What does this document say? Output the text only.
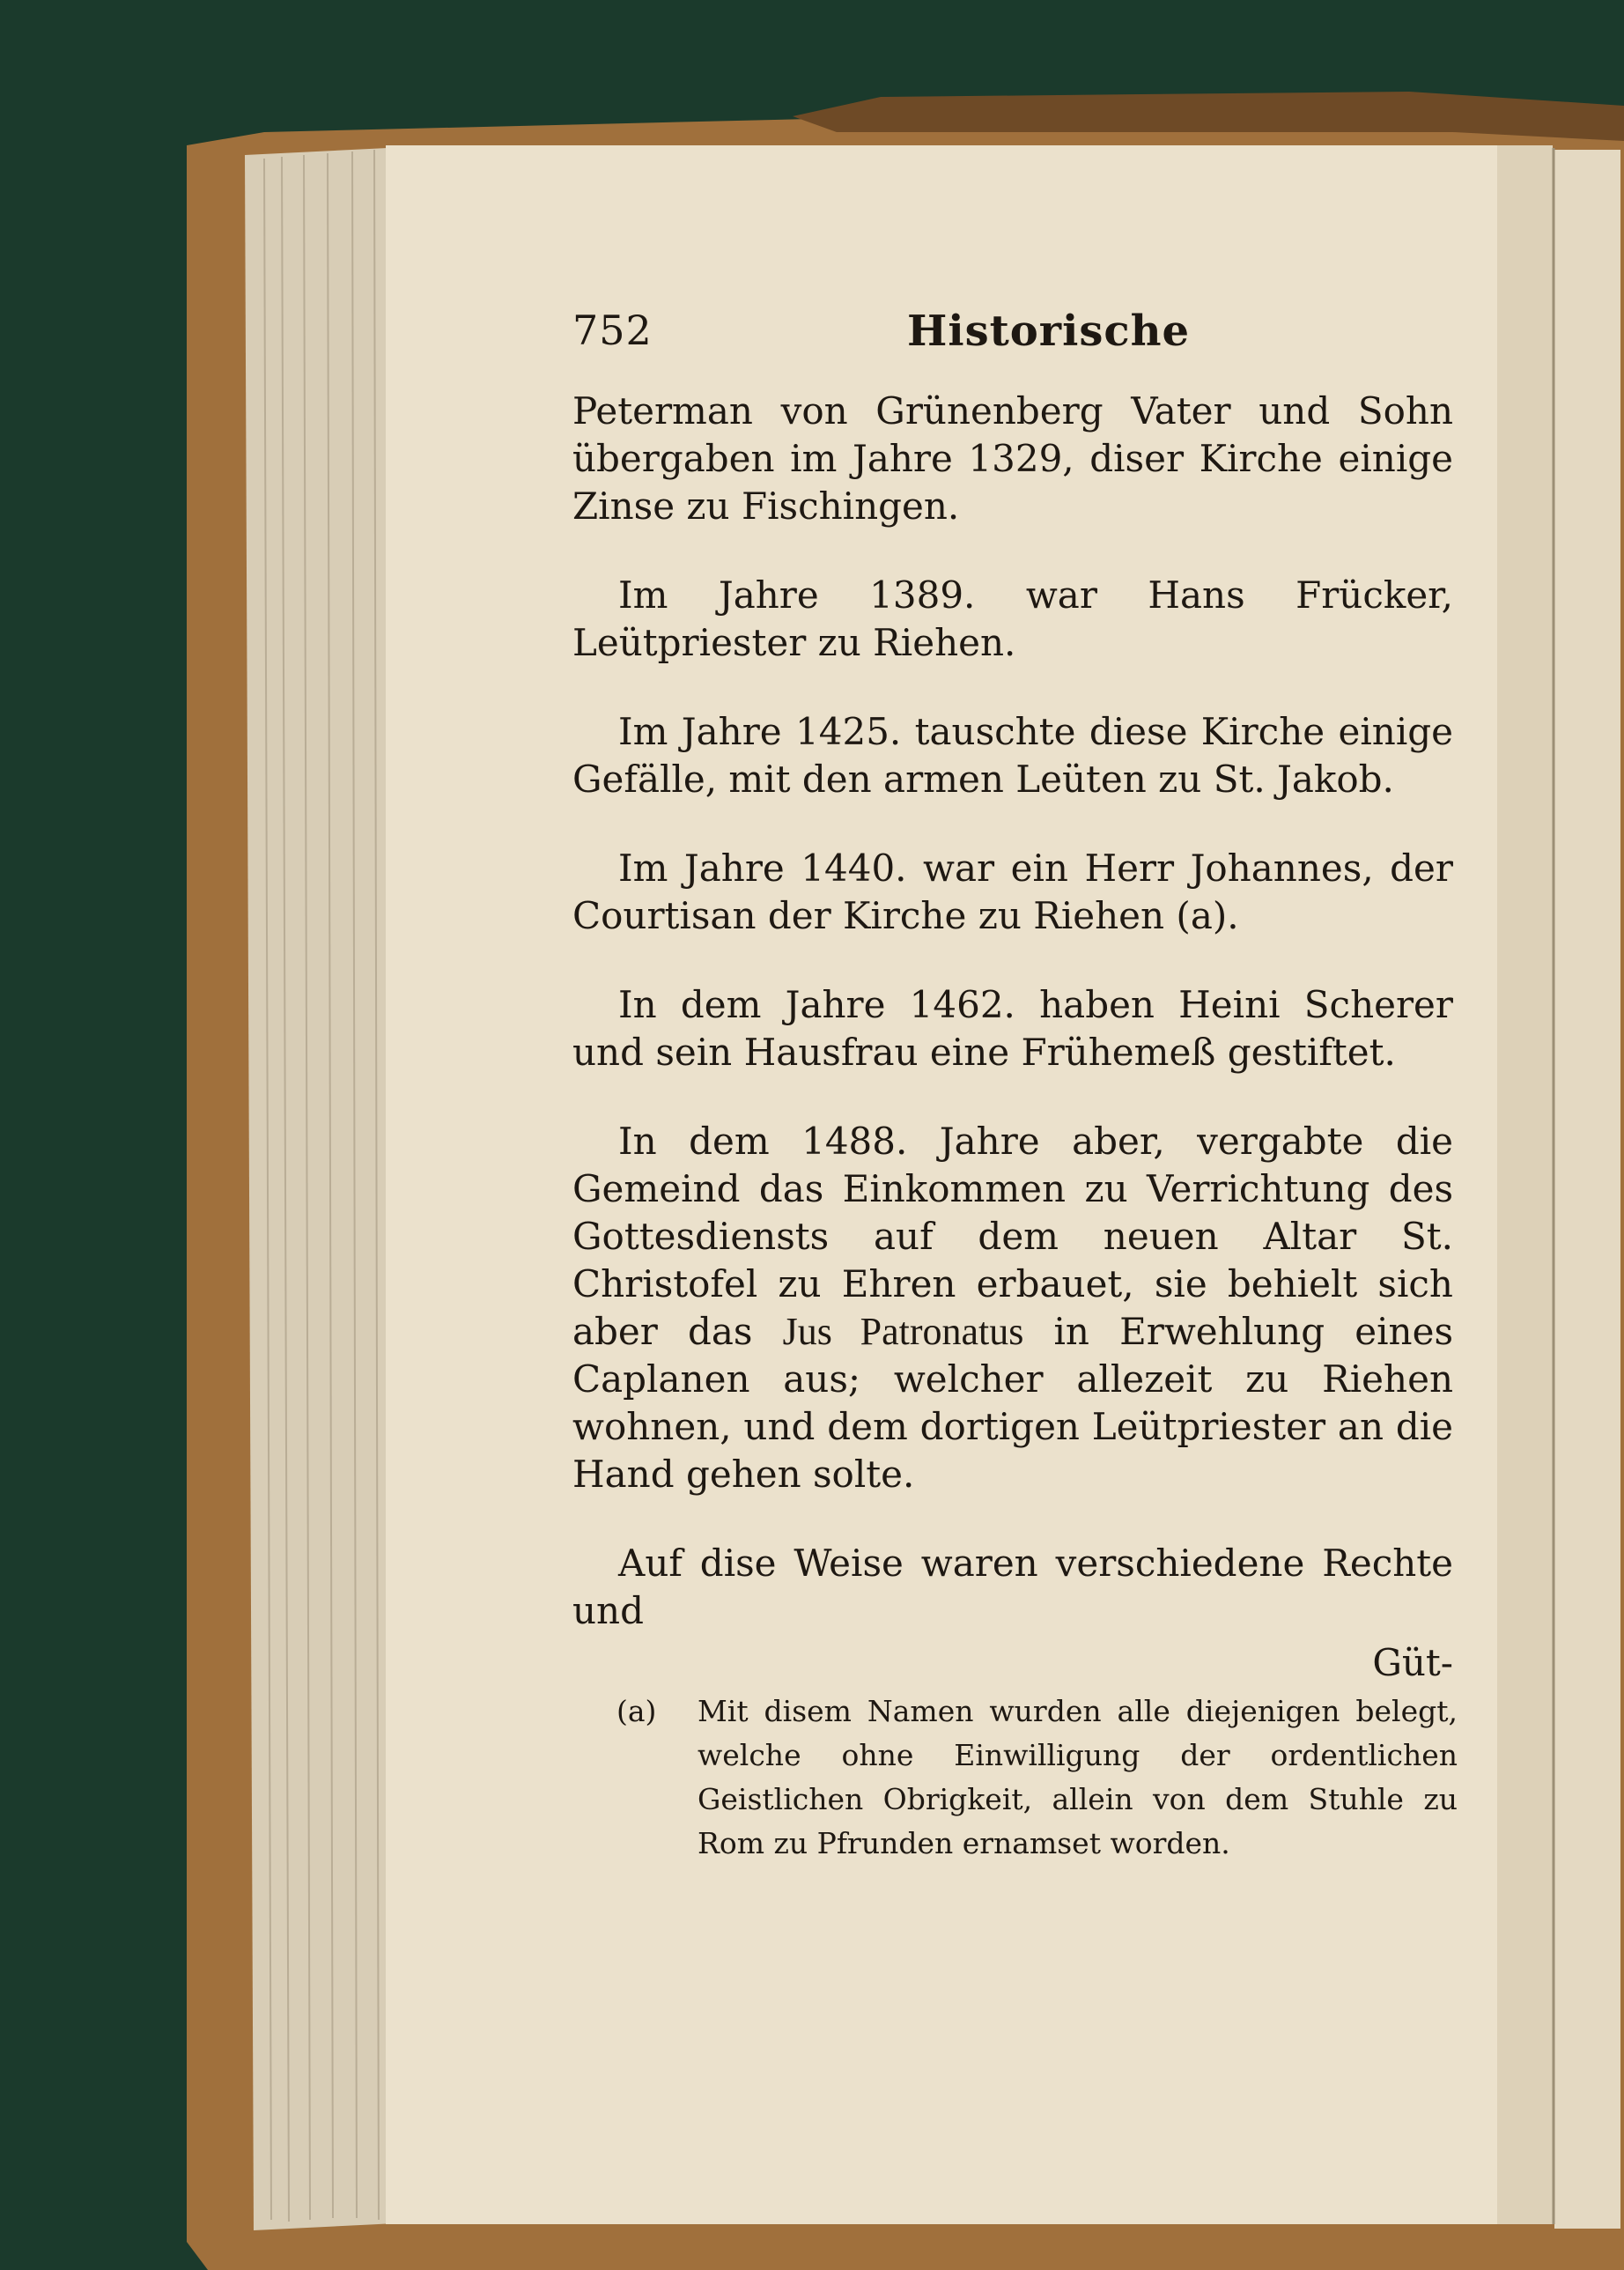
752	Historische

Peterman von Grünenberg Vater und Sohn übergaben im Jahre 1329, diser Kirche einige Zinse zu Fischingen.

Im Jahre 1389. war Hans Frücker, Leütpriester zu Riehen.

Im Jahre 1425. tauschte diese Kirche einige Gefälle, mit den armen Leüten zu St. Jakob.

Im Jahre 1440. war ein Herr Johannes, der Courtisan der Kirche zu Riehen (a).

In dem Jahre 1462. haben Heini Scherer und sein Hausfrau eine Frühemeß gestiftet.

In dem 1488. Jahre aber, vergabte die Gemeind das Einkommen zu Verrichtung des Gottesdiensts auf dem neuen Altar St. Christofel zu Ehren erbauet, sie behielt sich aber das Jus Patronatus in Erwehlung eines Caplanen aus; welcher allezeit zu Riehen wohnen, und dem dortigen Leütpriester an die Hand gehen solte.

Auf dise Weise waren verschiedene Rechte und

Güt-
(a) Mit disem Namen wurden alle diejenigen belegt, welche ohne Einwilligung der ordentlichen Geistlichen Obrigkeit, allein von dem Stuhle zu Rom zu Pfrunden ernamset worden.
